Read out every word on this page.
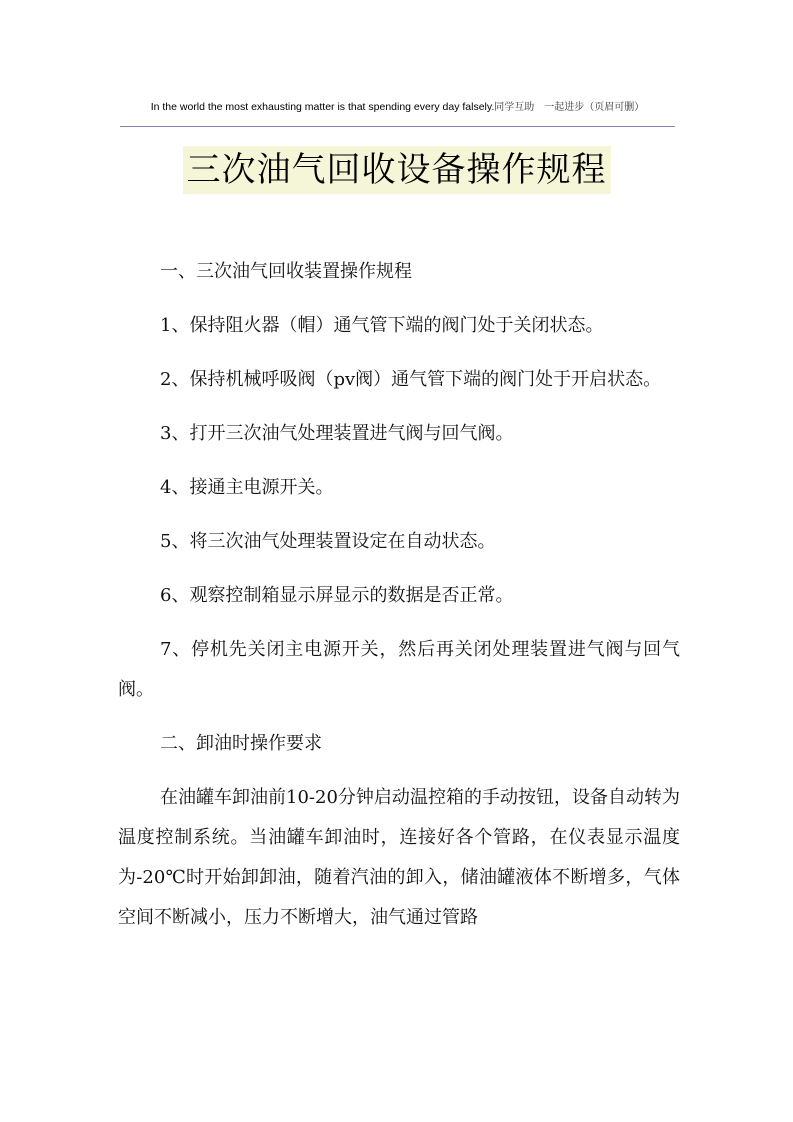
In the world the most exhausting matter is that spending every day falsely.同学互助　一起进步（页眉可删）
三次油气回收设备操作规程

一、三次油气回收装置操作规程

1、保持阻火器（帽）通气管下端的阀门处于关闭状态。

2、保持机械呼吸阀（pv阀）通气管下端的阀门处于开启状态。

3、打开三次油气处理装置进气阀与回气阀。

4、接通主电源开关。

5、将三次油气处理装置设定在自动状态。

6、观察控制箱显示屏显示的数据是否正常。

7、停机先关闭主电源开关，然后再关闭处理装置进气阀与回气阀。

二、卸油时操作要求

在油罐车卸油前10-20分钟启动温控箱的手动按钮，设备自动转为温度控制系统。当油罐车卸油时，连接好各个管路，在仪表显示温度为-20℃时开始卸卸油，随着汽油的卸入，储油罐液体不断增多，气体空间不断减小，压力不断增大，油气通过管路
